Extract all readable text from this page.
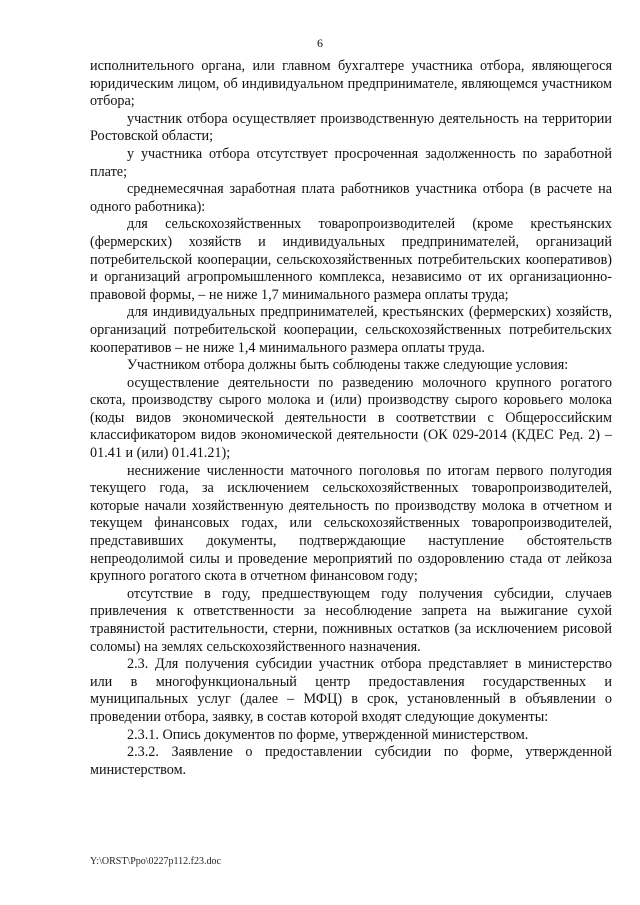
6

исполнительного органа, или главном бухгалтере участника отбора, являющегося юридическим лицом, об индивидуальном предпринимателе, являющемся участником отбора;

участник отбора осуществляет производственную деятельность на территории Ростовской области;

у участника отбора отсутствует просроченная задолженность по заработной плате;

среднемесячная заработная плата работников участника отбора (в расчете на одного работника):

для сельскохозяйственных товаропроизводителей (кроме крестьянских (фермерских) хозяйств и индивидуальных предпринимателей, организаций потребительской кооперации, сельскохозяйственных потребительских кооперативов) и организаций агропромышленного комплекса, независимо от их организационно-правовой формы, – не ниже 1,7 минимального размера оплаты труда;

для индивидуальных предпринимателей, крестьянских (фермерских) хозяйств, организаций потребительской кооперации, сельскохозяйственных потребительских кооперативов – не ниже 1,4 минимального размера оплаты труда.

Участником отбора должны быть соблюдены также следующие условия:

осуществление деятельности по разведению молочного крупного рогатого скота, производству сырого молока и (или) производству сырого коровьего молока (коды видов экономической деятельности в соответствии с Общероссийским классификатором видов экономической деятельности (ОК 029-2014 (КДЕС Ред. 2) – 01.41 и (или) 01.41.21);

неснижение численности маточного поголовья по итогам первого полугодия текущего года, за исключением сельскохозяйственных товаропроизводителей, которые начали хозяйственную деятельность по производству молока в отчетном и текущем финансовых годах, или сельскохозяйственных товаропроизводителей, представивших документы, подтверждающие наступление обстоятельств непреодолимой силы и проведение мероприятий по оздоровлению стада от лейкоза крупного рогатого скота в отчетном финансовом году;

отсутствие в году, предшествующем году получения субсидии, случаев привлечения к ответственности за несоблюдение запрета на выжигание сухой травянистой растительности, стерни, пожнивных остатков (за исключением рисовой соломы) на землях сельскохозяйственного назначения.

2.3. Для получения субсидии участник отбора представляет в министерство или в многофункциональный центр предоставления государственных и муниципальных услуг (далее – МФЦ) в срок, установленный в объявлении о проведении отбора, заявку, в состав которой входят следующие документы:

2.3.1. Опись документов по форме, утвержденной министерством.

2.3.2. Заявление о предоставлении субсидии по форме, утвержденной министерством.

Y:\ORST\Ppo\0227p112.f23.doc
